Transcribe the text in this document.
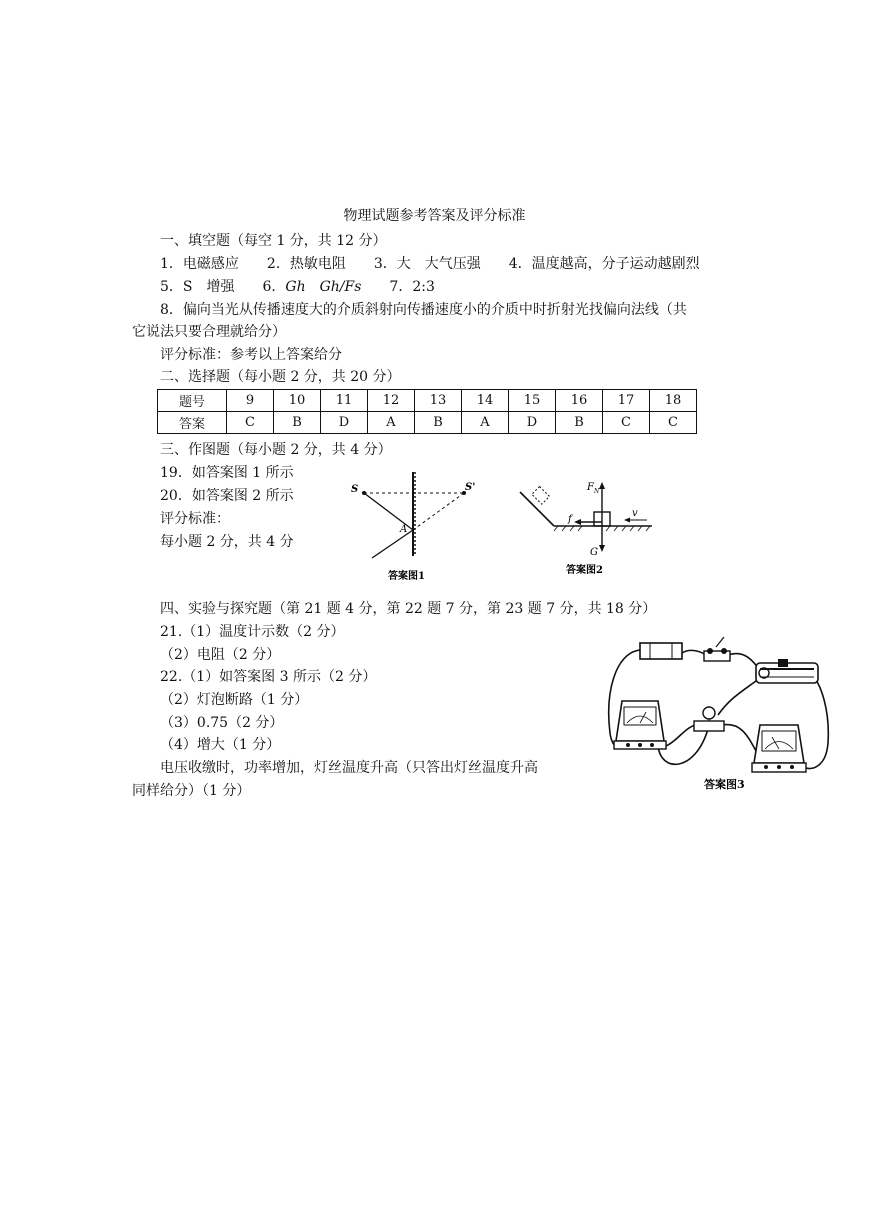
物理试题参考答案及评分标准
一、填空题（每空 1 分，共 12 分）
1．电磁感应　　2．热敏电阻　　3．大　大气压强　　4．温度越高，分子运动越剧烈
5．S　增强　　6．Gh　Gh/Fs　　7．2:3
8．偏向当光从传播速度大的介质斜射向传播速度小的介质中时折射光找偏向法线（共
它说法只要合理就给分）
评分标准：参考以上答案给分
二、选择题（每小题 2 分，共 20 分）
题号	9	10	11	12	13	14	15	16	17	18
答案	C	B	D	A	B	A	D	B	C	C
三、作图题（每小题 2 分，共 4 分）
19．如答案图 1 所示
20．如答案图 2 所示
评分标准：
每小题 2 分，共 4 分
S	S'
A
答案图1
$F_N$
f
v
G
答案图2
四、实验与探究题（第 21 题 4 分，第 22 题 7 分，第 23 题 7 分，共 18 分）
21.（1）温度计示数（2 分）
（2）电阻（2 分）
22.（1）如答案图 3 所示（2 分）
（2）灯泡断路（1 分）
（3）0.75（2 分）
（4）增大（1 分）
电压收缴时，功率增加，灯丝温度升高（只答出灯丝温度升高
同样给分）（1 分）	答案图3
